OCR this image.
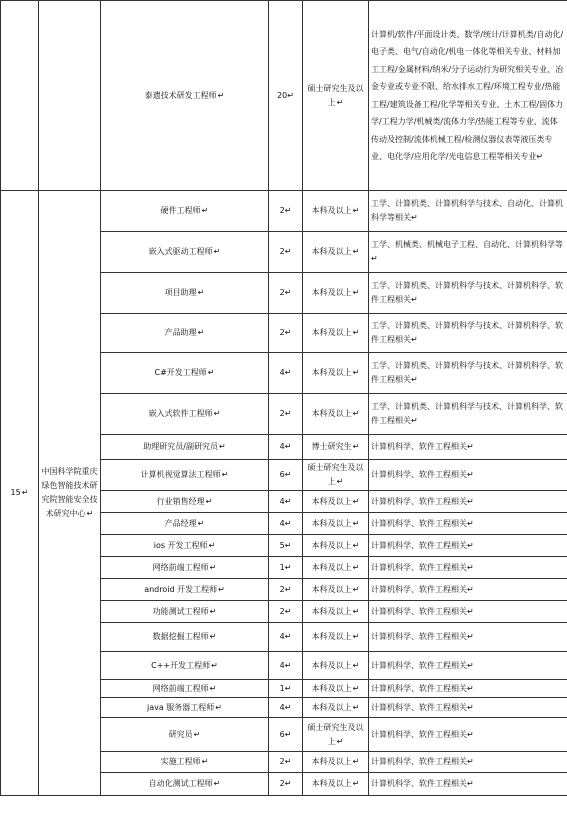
		泰遗技术研发工程师↵	20↵	硕士研究生及以上↵	计算机/软件/平面设计类、数学/统计/计算机类/自动化/电子类、电气/自动化/机电一体化等相关专业、材料加工工程/金属材料/纳米/分子运动行为研究相关专业、冶金专业或专业不限、给水排水工程/环境工程专业/热能工程/建筑设备工程/化学等相关专业、土木工程/固体力学/工程力学/机械类/流体力学/热能工程等专业、流体传动及控制/流体机械工程/检测仪器仪表等液压类专业、电化学/应用化学/光电信息工程等相关专业↵
15↵	中国科学院重庆绿色智能技术研究院智能安全技术研究中心↵	硬件工程师↵	2↵	本科及以上↵	工学、计算机类、计算机科学与技术、自动化、计算机科学等相关↵
		嵌入式驱动工程师↵	2↵	本科及以上↵	工学、机械类、机械电子工程、自动化、计算机科学等↵
		项目助理↵	2↵	本科及以上↵	工学、计算机类、计算机科学与技术、计算机科学、软件工程相关↵
		产品助理↵	2↵	本科及以上↵	工学、计算机类、计算机科学与技术、计算机科学、软件工程相关↵
		C#开发工程师↵	4↵	本科及以上↵	工学、计算机类、计算机科学与技术、计算机科学、软件工程相关↵
		嵌入式软件工程师↵	2↵	本科及以上↵	工学、计算机类、计算机科学与技术、计算机科学、软件工程相关↵
		助理研究员/副研究员↵	4↵	博士研究生↵	计算机科学、软件工程相关↵
		计算机视觉算法工程师↵	6↵	硕士研究生及以上↵	计算机科学、软件工程相关↵
		行业销售经理↵	4↵	本科及以上↵	计算机科学、软件工程相关↵
		产品经理↵	4↵	本科及以上↵	计算机科学、软件工程相关↵
		ios 开发工程师↵	5↵	本科及以上↵	计算机科学、软件工程相关↵
		网络前端工程师↵	1↵	本科及以上↵	计算机科学、软件工程相关↵
		android 开发工程师↵	2↵	本科及以上↵	计算机科学、软件工程相关↵
		功能测试工程师↵	2↵	本科及以上↵	计算机科学、软件工程相关↵
		数据挖掘工程师↵	4↵	本科及以上↵	计算机科学、软件工程相关↵
		C++开发工程师↵	4↵	本科及以上↵	计算机科学、软件工程相关↵
		网络前端工程师↵	1↵	本科及以上↵	计算机科学、软件工程相关↵
		java 服务器工程师↵	4↵	本科及以上↵	计算机科学、软件工程相关↵
		研究员↵	6↵	硕士研究生及以上↵	计算机科学、软件工程相关↵
		实施工程师↵	2↵	本科及以上↵	计算机科学、软件工程相关↵
		自动化测试工程师↵	2↵	本科及以上↵	计算机科学、软件工程相关↵
